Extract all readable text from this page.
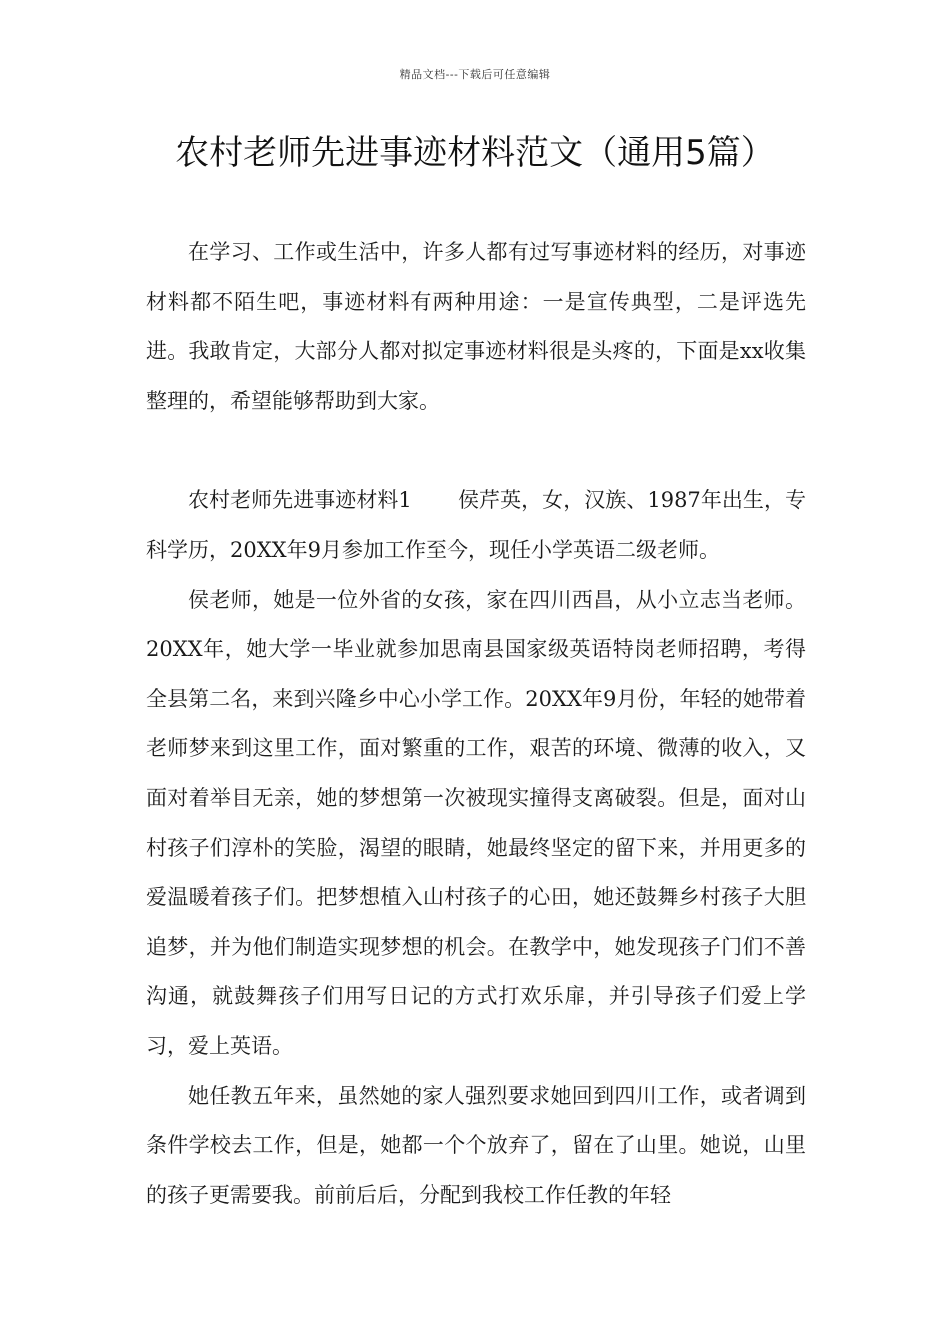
精品文档---下载后可任意编辑
农村老师先进事迹材料范文（通用5篇）

在学习、工作或生活中，许多人都有过写事迹材料的经历，对事迹材料都不陌生吧，事迹材料有两种用途：一是宣传典型，二是评选先进。我敢肯定，大部分人都对拟定事迹材料很是头疼的，下面是xx收集整理的，希望能够帮助到大家。

农村老师先进事迹材料1 侯芹英，女，汉族、1987年出生，专科学历，20XX年9月参加工作至今，现任小学英语二级老师。

侯老师，她是一位外省的女孩，家在四川西昌，从小立志当老师。20XX年，她大学一毕业就参加思南县国家级英语特岗老师招聘，考得全县第二名，来到兴隆乡中心小学工作。20XX年9月份，年轻的她带着老师梦来到这里工作，面对繁重的工作，艰苦的环境、微薄的收入，又面对着举目无亲，她的梦想第一次被现实撞得支离破裂。但是，面对山村孩子们淳朴的笑脸，渴望的眼睛，她最终坚定的留下来，并用更多的爱温暖着孩子们。把梦想植入山村孩子的心田，她还鼓舞乡村孩子大胆追梦，并为他们制造实现梦想的机会。在教学中，她发现孩子门们不善沟通，就鼓舞孩子们用写日记的方式打欢乐扉，并引导孩子们爱上学习，爱上英语。

她任教五年来，虽然她的家人强烈要求她回到四川工作，或者调到条件学校去工作，但是，她都一个个放弃了，留在了山里。她说，山里的孩子更需要我。前前后后，分配到我校工作任教的年轻
